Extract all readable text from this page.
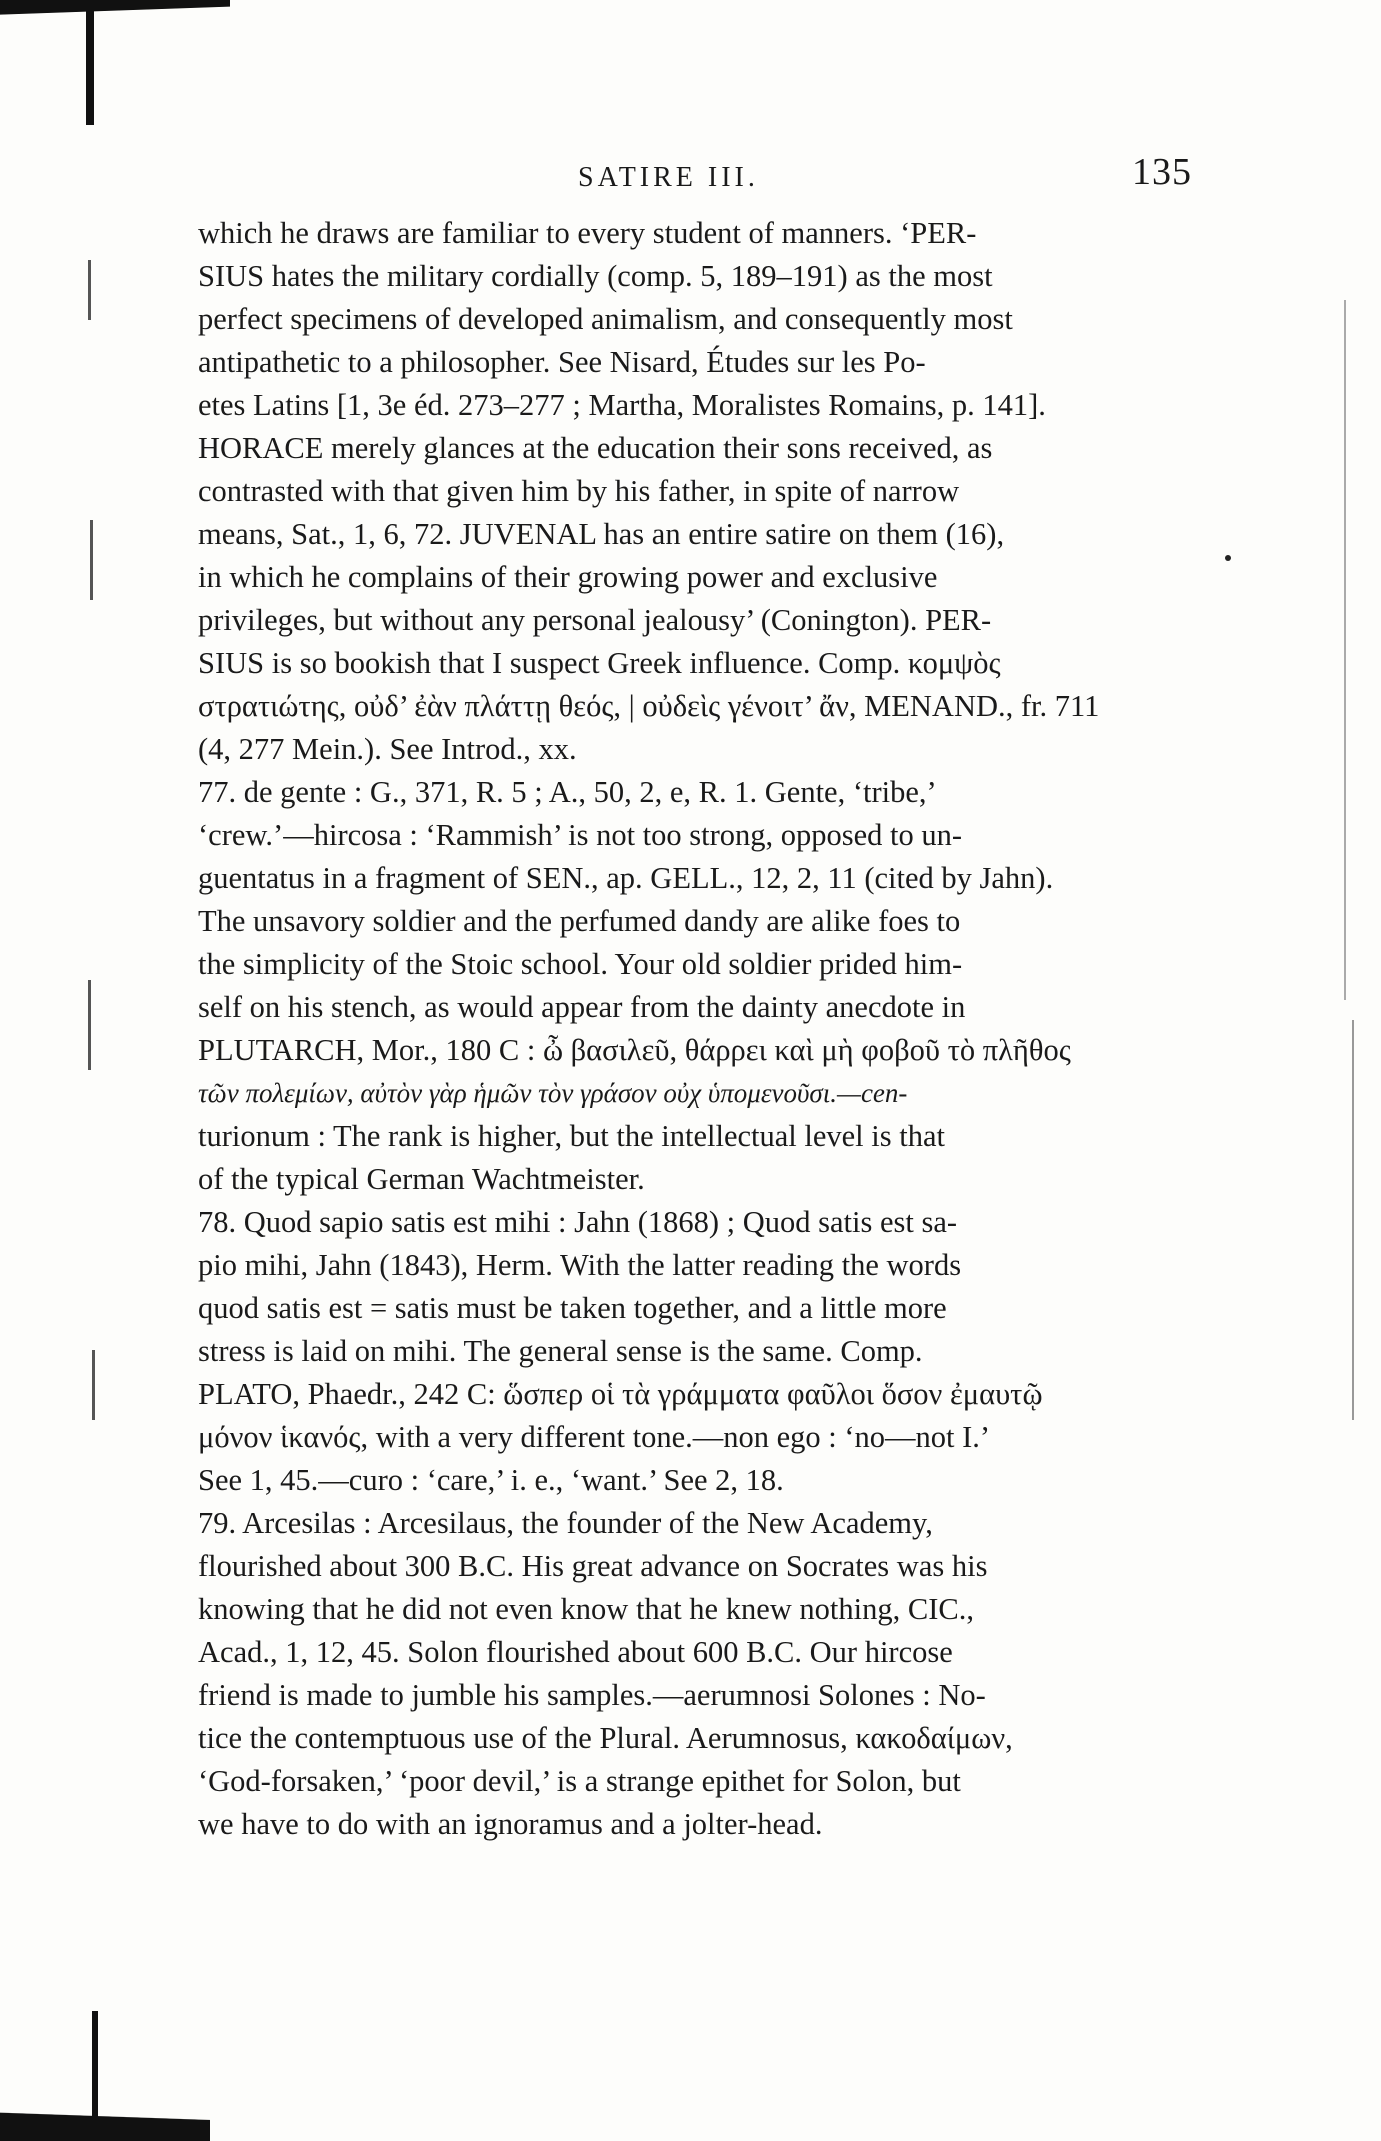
SATIRE III.	135
which he draws are familiar to every student of manners. ‘PER-
SIUS hates the military cordially (comp. 5, 189–191) as the most
perfect specimens of developed animalism, and consequently most
antipathetic to a philosopher. See Nisard, Études sur les Po-
etes Latins [1, 3e éd. 273–277 ; Martha, Moralistes Romains, p. 141].
HORACE merely glances at the education their sons received, as
contrasted with that given him by his father, in spite of narrow
means, Sat., 1, 6, 72. JUVENAL has an entire satire on them (16),
in which he complains of their growing power and exclusive
privileges, but without any personal jealousy’ (Conington). PER-
SIUS is so bookish that I suspect Greek influence. Comp. κομψὸς
στρατιώτης, οὐδ’ ἐὰν πλάττῃ θεός, | οὐδεὶς γένοιτ’ ἄν, MENAND., fr. 711
(4, 277 Mein.). See Introd., xx.
77. de gente : G., 371, R. 5 ; A., 50, 2, e, R. 1. Gente, ‘tribe,’
‘crew.’—hircosa : ‘Rammish’ is not too strong, opposed to un-
guentatus in a fragment of SEN., ap. GELL., 12, 2, 11 (cited by Jahn).
The unsavory soldier and the perfumed dandy are alike foes to
the simplicity of the Stoic school. Your old soldier prided him-
self on his stench, as would appear from the dainty anecdote in
PLUTARCH, Mor., 180 C : ὦ βασιλεῦ, θάρρει καὶ μὴ φοβοῦ τὸ πλῆθος
τῶν πολεμίων, αὐτὸν γὰρ ἡμῶν τὸν γράσον οὐχ ὑπομενοῦσι.—cen-
turionum : The rank is higher, but the intellectual level is that
of the typical German Wachtmeister.
78. Quod sapio satis est mihi : Jahn (1868) ; Quod satis est sa-
pio mihi, Jahn (1843), Herm. With the latter reading the words
quod satis est = satis must be taken together, and a little more
stress is laid on mihi. The general sense is the same. Comp.
PLATO, Phaedr., 242 C: ὥσπερ οἱ τὰ γράμματα φαῦλοι ὅσον ἐμαυτῷ
μόνον ἱκανός, with a very different tone.—non ego : ‘no—not I.’
See 1, 45.—curo : ‘care,’ i. e., ‘want.’ See 2, 18.
79. Arcesilas : Arcesilaus, the founder of the New Academy,
flourished about 300 B.C. His great advance on Socrates was his
knowing that he did not even know that he knew nothing, CIC.,
Acad., 1, 12, 45. Solon flourished about 600 B.C. Our hircose
friend is made to jumble his samples.—aerumnosi Solones : No-
tice the contemptuous use of the Plural. Aerumnosus, κακοδαίμων,
‘God-forsaken,’ ‘poor devil,’ is a strange epithet for Solon, but
we have to do with an ignoramus and a jolter-head.
